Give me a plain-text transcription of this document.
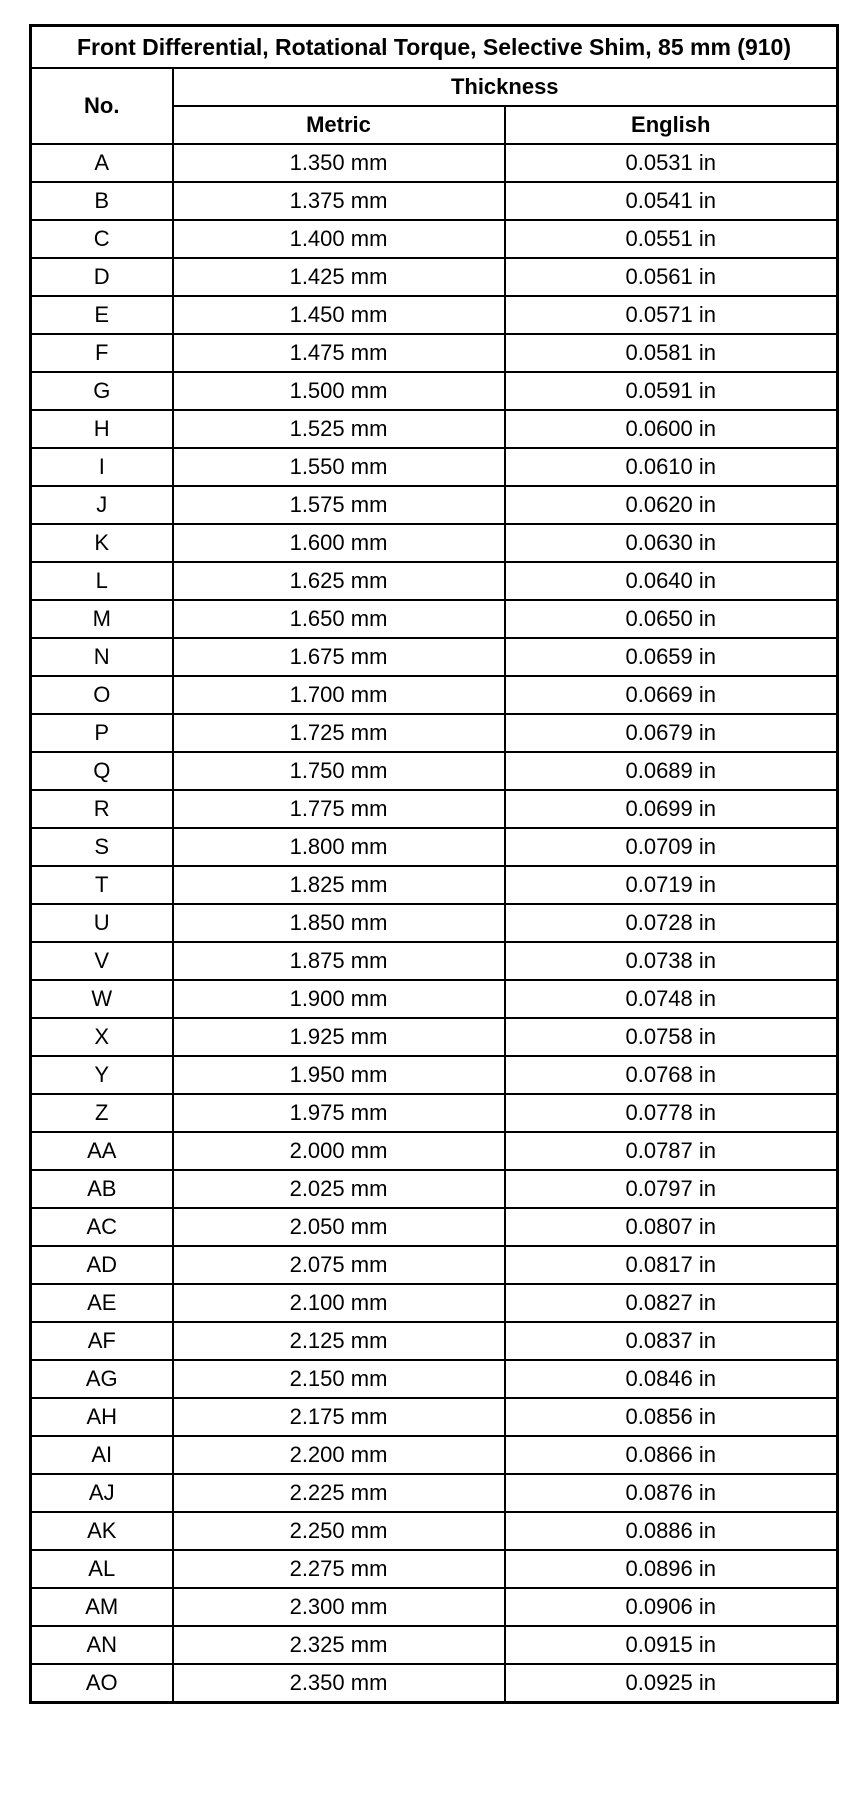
Front Differential, Rotational Torque, Selective Shim, 85 mm (910)		
No.	Thickness	
	Metric	English
A	1.350 mm	0.0531 in
B	1.375 mm	0.0541 in
C	1.400 mm	0.0551 in
D	1.425 mm	0.0561 in
E	1.450 mm	0.0571 in
F	1.475 mm	0.0581 in
G	1.500 mm	0.0591 in
H	1.525 mm	0.0600 in
I	1.550 mm	0.0610 in
J	1.575 mm	0.0620 in
K	1.600 mm	0.0630 in
L	1.625 mm	0.0640 in
M	1.650 mm	0.0650 in
N	1.675 mm	0.0659 in
O	1.700 mm	0.0669 in
P	1.725 mm	0.0679 in
Q	1.750 mm	0.0689 in
R	1.775 mm	0.0699 in
S	1.800 mm	0.0709 in
T	1.825 mm	0.0719 in
U	1.850 mm	0.0728 in
V	1.875 mm	0.0738 in
W	1.900 mm	0.0748 in
X	1.925 mm	0.0758 in
Y	1.950 mm	0.0768 in
Z	1.975 mm	0.0778 in
AA	2.000 mm	0.0787 in
AB	2.025 mm	0.0797 in
AC	2.050 mm	0.0807 in
AD	2.075 mm	0.0817 in
AE	2.100 mm	0.0827 in
AF	2.125 mm	0.0837 in
AG	2.150 mm	0.0846 in
AH	2.175 mm	0.0856 in
AI	2.200 mm	0.0866 in
AJ	2.225 mm	0.0876 in
AK	2.250 mm	0.0886 in
AL	2.275 mm	0.0896 in
AM	2.300 mm	0.0906 in
AN	2.325 mm	0.0915 in
AO	2.350 mm	0.0925 in
